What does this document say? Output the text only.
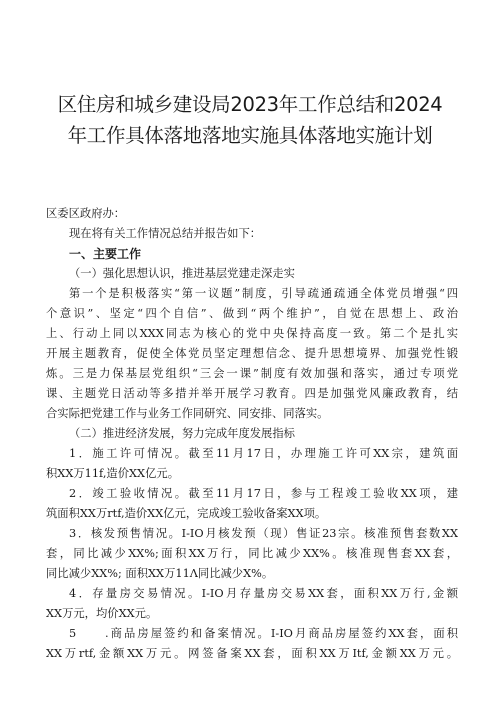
区住房和城乡建设局2023年工作总结和2024
年工作具体落地落地实施具体落地实施计划
区委区政府办：
现在将有关工作情况总结并报告如下：
一、主要工作
（一）强化思想认识，推进基层党建走深走实
第一个是积极落实“第一议题”制度，引导疏通疏通全体党员增强“四
个意识”、坚定“四个自信”、做到“两个维护”，自觉在思想上、政治
上、行动上同以XXX同志为核心的党中央保持高度一致。第二个是扎实
开展主题教育，促使全体党员坚定理想信念、提升思想境界、加强党性锻
炼。三是力保基层党组织“三会一课”制度有效加强和落实，通过专项党
课、主题党日活动等多措并举开展学习教育。四是加强党风廉政教育，结
合实际把党建工作与业务工作同研究、同安排、同落实。
（二）推进经济发展，努力完成年度发展指标
1．施工许可情况。截至11月17日，办理施工许可XX宗，建筑面
积XX万11f,造价XX亿元。
2．竣工验收情况。截至11月17日，参与工程竣工验收XX项，建
筑面积XX万rtf,造价XX亿元，完成竣工验收备案XX项。
3．核发预售情况。I-IO月核发预（现）售证23宗。核准预售套数XX
套，同比减少XX%;面积XX万行，同比减少XX%。核准现售套XX套，
同比减少XX%; 面积XX万11Λ同比减少X%。
4．存量房交易情况。I-IO月存量房交易XX套，面积XX万行,金额
XX万元，均价XX元。
5　　.商品房屋签约和备案情况。I-IO月商品房屋签约XX套，面积
XX万rtf,金额XX万元。网签备案XX套，面积XX万Itf,金额XX万元。
